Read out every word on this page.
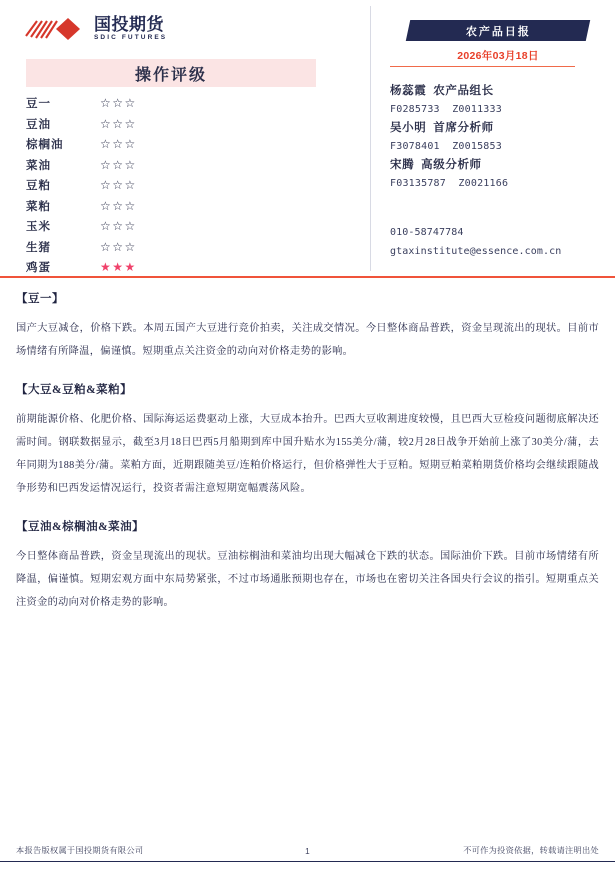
国投期货
SDIC FUTURES
操作评级
豆一	☆☆☆
豆油	☆☆☆
棕榈油	☆☆☆
菜油	☆☆☆
豆粕	☆☆☆
菜粕	☆☆☆
玉米	☆☆☆
生猪	☆☆☆
鸡蛋	★★★
农产品日报
2026年03月18日
杨蕊霞  农产品组长
F0285733  Z0011333
吴小明  首席分析师
F3078401  Z0015853
宋腾  高级分析师
F03135787  Z0021166
010-58747784
gtaxinstitute@essence.com.cn
【豆一】
国产大豆减仓，价格下跌。本周五国产大豆进行竞价拍卖，关注成交情况。今日整体商品普跌，资金呈现流出的现状。目前市场情绪有所降温，偏谨慎。短期重点关注资金的动向对价格走势的影响。
【大豆&豆粕&菜粕】
前期能源价格、化肥价格、国际海运运费驱动上涨，大豆成本抬升。巴西大豆收割进度较慢，且巴西大豆检疫问题彻底解决还需时间。钢联数据显示，截至3月18日巴西5月船期到库中国升贴水为155美分/蒲，较2月28日战争开始前上涨了30美分/蒲，去年同期为188美分/蒲。菜粕方面，近期跟随美豆/连粕价格运行，但价格弹性大于豆粕。短期豆粕菜粕期货价格均会继续跟随战争形势和巴西发运情况运行，投资者需注意短期宽幅震荡风险。
【豆油&棕榈油&菜油】
今日整体商品普跌，资金呈现流出的现状。豆油棕榈油和菜油均出现大幅减仓下跌的状态。国际油价下跌。目前市场情绪有所降温，偏谨慎。短期宏观方面中东局势紧张，不过市场通胀预期也存在，市场也在密切关注各国央行会议的指引。短期重点关注资金的动向对价格走势的影响。
本报告版权属于国投期货有限公司	1	不可作为投资依据，转载请注明出处
